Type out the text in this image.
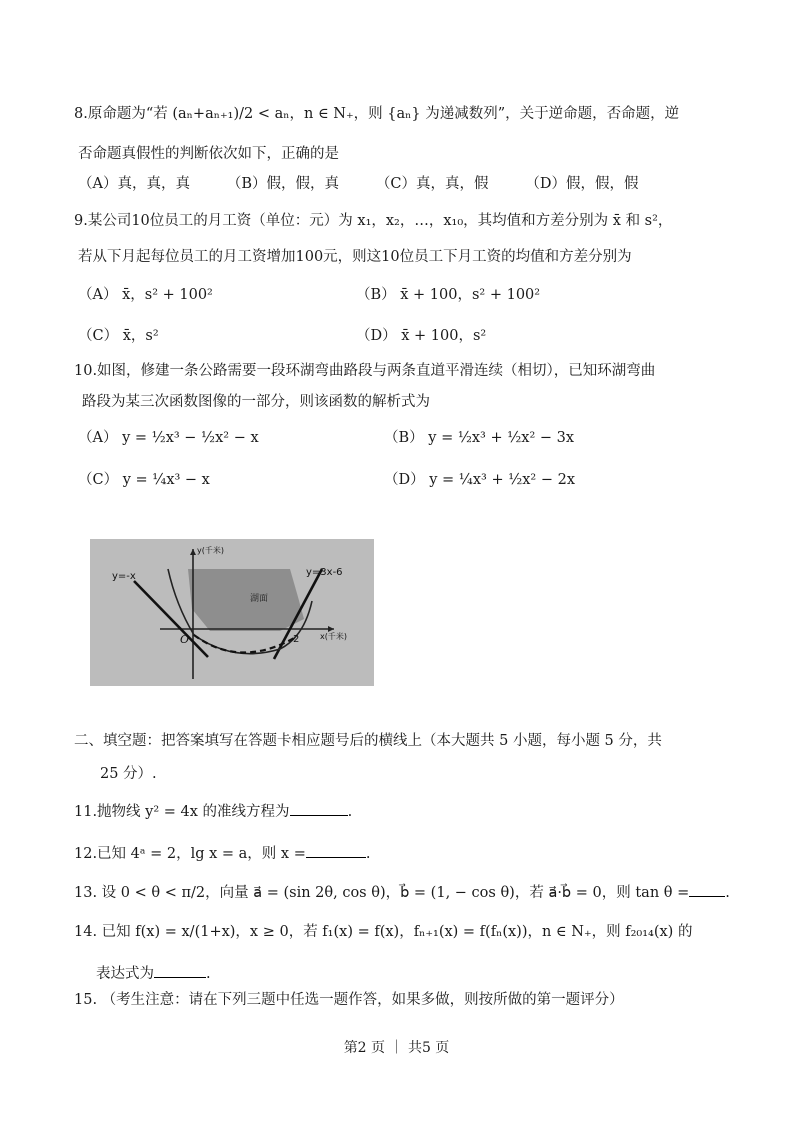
8.原命题为“若 (aₙ+aₙ₊₁)/2 < aₙ，n ∈ N₊，则 {aₙ} 为递减数列”，关于逆命题，否命题，逆
否命题真假性的判断依次如下，正确的是
（A）真，真，真        （B）假，假，真        （C）真，真，假        （D）假，假，假
9.某公司10位员工的月工资（单位：元）为 x₁，x₂，…，x₁₀，其均值和方差分别为 x̄ 和 s²，
若从下月起每位员工的月工资增加100元，则这10位员工下月工资的均值和方差分别为
（A） x̄，s² + 100²	（B） x̄ + 100，s² + 100²
（C） x̄，s²	（D） x̄ + 100，s²
10.如图，修建一条公路需要一段环湖弯曲路段与两条直道平滑连续（相切），已知环湖弯曲
路段为某三次函数图像的一部分，则该函数的解析式为
（A） y = ½x³ − ½x² − x	（B） y = ½x³ + ½x² − 3x
（C） y = ¼x³ − x	（D） y = ¼x³ + ½x² − 2x
y=-x	y=3x-6
y(千米)
x(千米)
O	2
湖面
二、填空题：把答案填写在答题卡相应题号后的横线上（本大题共 5 小题，每小题 5 分，共
25 分）.
11.抛物线 y² = 4x 的准线方程为	.
12.已知 4ᵃ = 2，lg x = a，则 x =	.
13. 设 0 < θ < π/2，向量 a⃗ = (sin 2θ, cos θ)，b⃗ = (1, − cos θ)，若 a⃗·b⃗ = 0，则 tan θ = .
14. 已知 f(x) = x/(1+x)，x ≥ 0，若 f₁(x) = f(x)，fₙ₊₁(x) = f(fₙ(x))，n ∈ N₊，则 f₂₀₁₄(x) 的
表达式为	.
15. （考生注意：请在下列三题中任选一题作答，如果多做，则按所做的第一题评分）
第2 页 ｜ 共5 页
